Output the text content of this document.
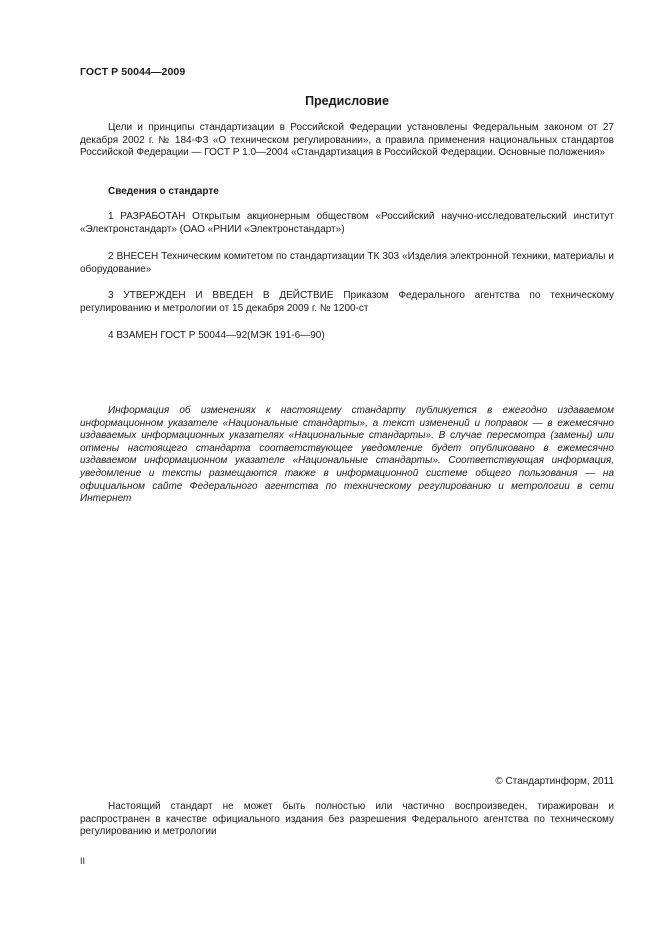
ГОСТ Р 50044—2009
Предисловие

Цели и принципы стандартизации в Российской Федерации установлены Федеральным законом от 27 декабря 2002 г. № 184-ФЗ «О техническом регулировании», а правила применения национальных стандартов Российской Федерации — ГОСТ Р 1.0—2004 «Стандартизация в Российской Федерации. Основные положения»

Сведения о стандарте

1 РАЗРАБОТАН Открытым акционерным обществом «Российский научно-исследовательский институт «Электронстандарт» (ОАО «РНИИ «Электронстандарт»)

2 ВНЕСЕН Техническим комитетом по стандартизации ТК 303 «Изделия электронной техники, материалы и оборудование»

3 УТВЕРЖДЕН И ВВЕДЕН В ДЕЙСТВИЕ Приказом Федерального агентства по техническому регулированию и метрологии от 15 декабря 2009 г. № 1200-ст

4 ВЗАМЕН ГОСТ Р 50044—92(МЭК 191-6—90)

Информация об изменениях к настоящему стандарту публикуется в ежегодно издаваемом информационном указателе «Национальные стандарты», а текст изменений и поправок — в ежемесячно издаваемых информационных указателях «Национальные стандарты». В случае пересмотра (замены) или отмены настоящего стандарта соответствующее уведомление будет опубликовано в ежемесячно издаваемом информационном указателе «Национальные стандарты». Соответствующая информация, уведомление и тексты размещаются также в информационной системе общего пользования — на официальном сайте Федерального агентства по техническому регулированию и метрологии в сети Интернет

© Стандартинформ, 2011

Настоящий стандарт не может быть полностью или частично воспроизведен, тиражирован и распространен в качестве официального издания без разрешения Федерального агентства по техническому регулированию и метрологии

II
